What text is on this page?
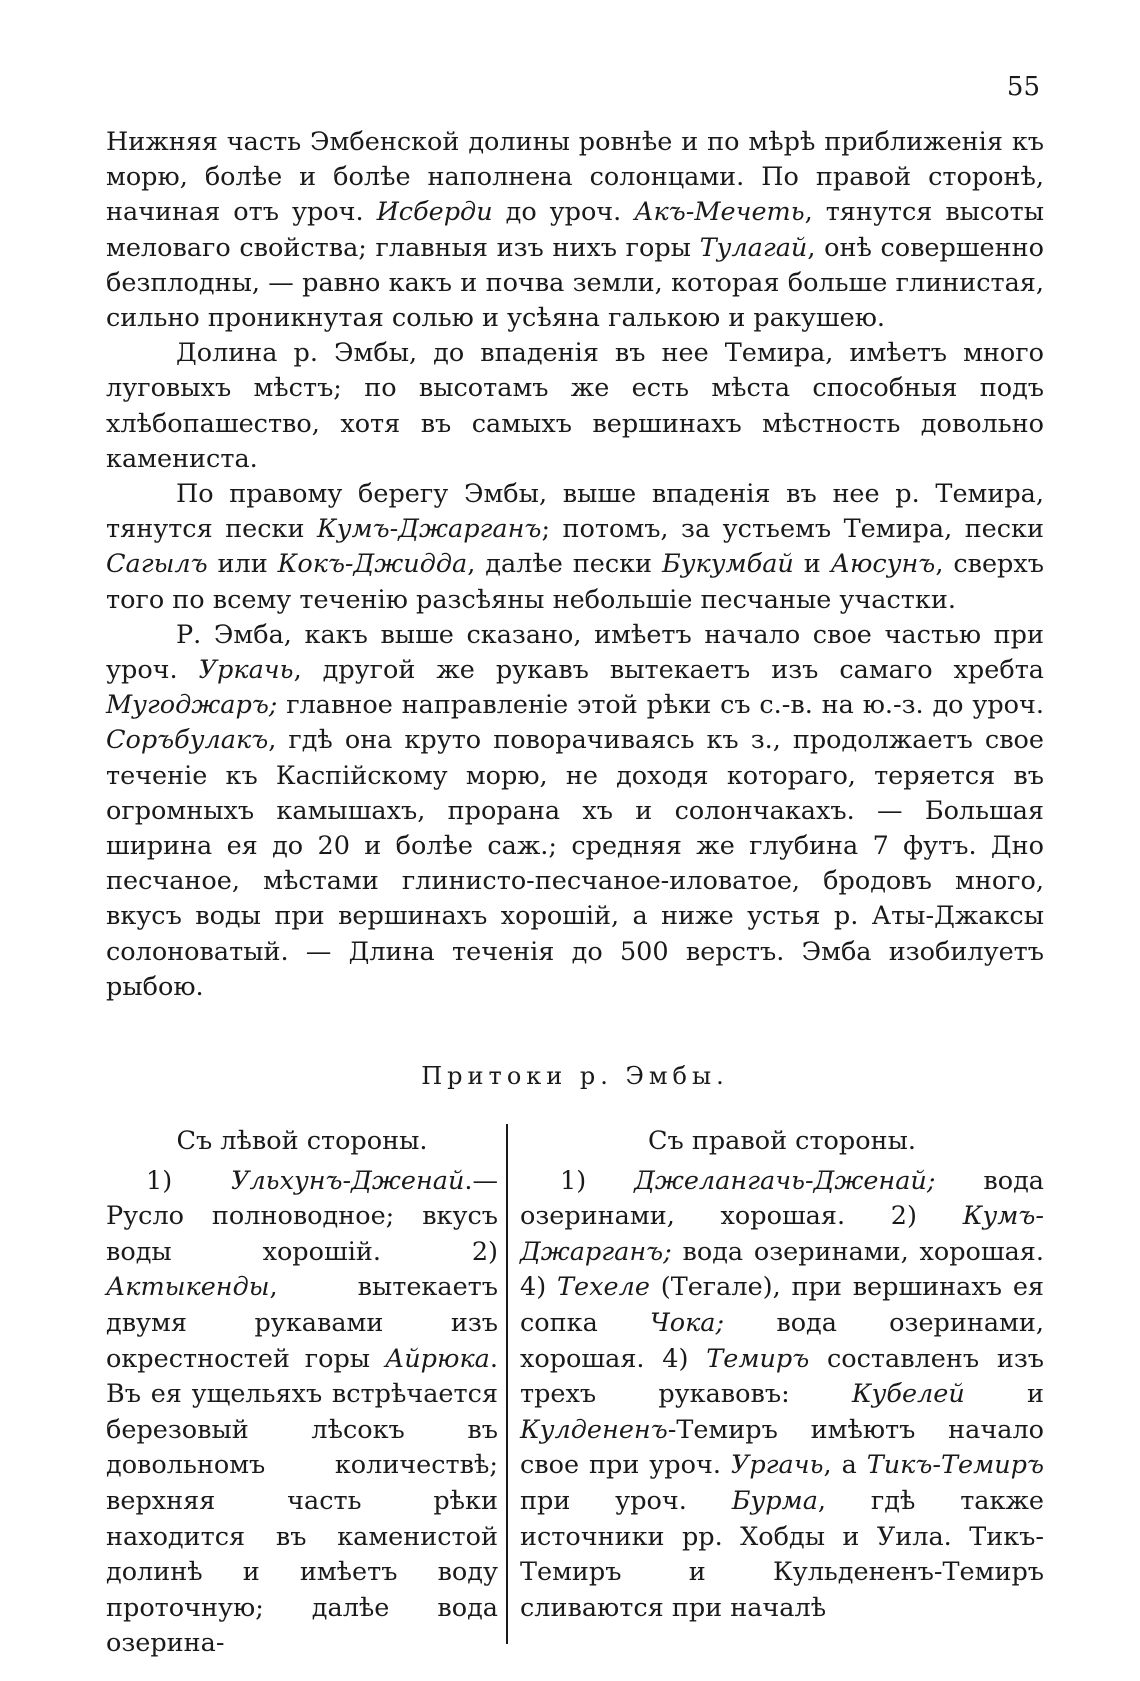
55

Нижняя часть Эмбенской долины ровнѣе и по мѣрѣ приближенія къ морю, болѣе и болѣе наполнена солонцами. По правой сторонѣ, начиная отъ уроч. Исберди до уроч. Акъ-Мечеть, тянутся высоты меловаго свойства; главныя изъ нихъ горы Тулагай, онѣ совершенно безплодны, — равно какъ и почва земли, которая больше глинистая, сильно проникнутая солью и усѣяна галькою и ракушею.

Долина р. Эмбы, до впаденія въ нее Темира, имѣетъ много луговыхъ мѣстъ; по высотамъ же есть мѣста способныя подъ хлѣбопашество, хотя въ самыхъ вершинахъ мѣстность довольно каменистa.

По правому берегу Эмбы, выше впаденія въ нее р. Темира, тянутся пески Кумъ-Джарганъ; потомъ, за устьемъ Темира, пески Сагылъ или Кокъ-Джидда, далѣе пески Букумбай и Аюсунъ, сверхъ того по всему теченію разсѣяны небольшіе песчаные участки.

Р. Эмба, какъ выше сказано, имѣетъ начало свое частью при уроч. Уркачь, другой же рукавъ вытекаетъ изъ самаго хребта Мугоджаръ; главное направленіе этой рѣки съ с.-в. на ю.-з. до уроч. Соръбулакъ, гдѣ она круто поворачиваясь къ з., продолжаетъ свое теченіе къ Каспійскому морю, не доходя котораго, теряется въ огромныхъ камышахъ, прорана хъ и солончакахъ. — Большая ширина ея до 20 и болѣе саж.; средняя же глубина 7 футъ. Дно песчаное, мѣстами глинисто-песчаное-иловатое, бродовъ много, вкусъ воды при вершинахъ хорошій, а ниже устья р. Аты-Джаксы солоноватый. — Длина теченія до 500 верстъ. Эмба изобилуетъ рыбою.

Притоки р. Эмбы.
Съ лѣвой стороны.

1) Ульхунъ-Дженай.—Русло полноводное; вкусъ воды хорошій. 2) Актыкенды, вытекаетъ двумя рукавами изъ окрестностей горы Айрюка. Въ ея ущельяхъ встрѣчается березовый лѣсокъ въ довольномъ количествѣ; верхняя часть рѣки находится въ каменистой долинѣ и имѣетъ воду проточную; далѣе вода озерина-

Съ правой стороны.

1) Джелангачь-Дженай; вода озеринами, хорошая. 2) Кумъ-Джарганъ; вода озеринами, хорошая. 4) Техеле (Тегале), при вершинахъ ея сопка Чока; вода озеринами, хорошая. 4) Темиръ составленъ изъ трехъ рукавовъ: Кубелей и Кулдененъ-Темиръ имѣютъ начало свое при уроч. Ургачь, а Тикъ-Темиръ при уроч. Бурма, гдѣ также источники рр. Хобды и Уила. Тикъ-Темиръ и Кульдененъ-Темиръ сливаются при началѣ
